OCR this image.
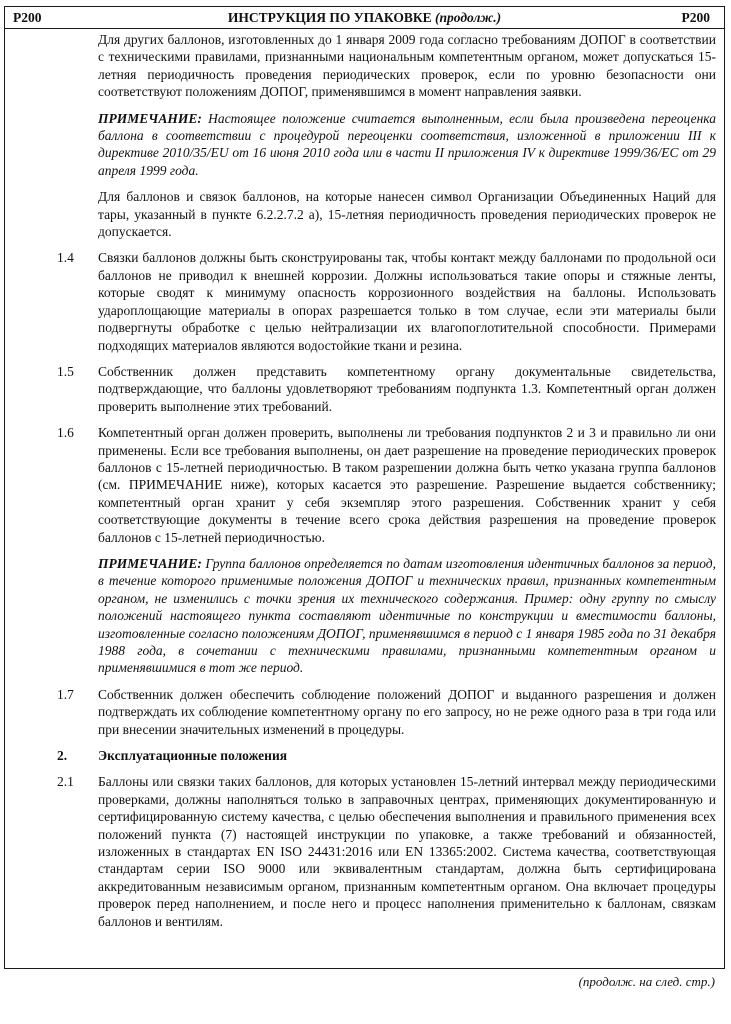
P200	ИНСТРУКЦИЯ ПО УПАКОВКЕ (продолж.)	P200
Для других баллонов, изготовленных до 1 января 2009 года согласно требованиям ДОПОГ в соответствии с техническими правилами, признанными национальным компетентным органом, может допускаться 15-летняя периодичность проведения периодических проверок, если по уровню безопасности они соответствуют положениям ДОПОГ, применявшимся в момент направления заявки.
ПРИМЕЧАНИЕ: Настоящее положение считается выполненным, если была произведена переоценка баллона в соответствии с процедурой переоценки соответствия, изложенной в приложении III к директиве 2010/35/EU от 16 июня 2010 года или в части II приложения IV к директиве 1999/36/EC от 29 апреля 1999 года.
Для баллонов и связок баллонов, на которые нанесен символ Организации Объединенных Наций для тары, указанный в пункте 6.2.2.7.2 а), 15-летняя периодичность проведения периодических проверок не допускается.
1.4 Связки баллонов должны быть сконструированы так, чтобы контакт между баллонами по продольной оси баллонов не приводил к внешней коррозии. Должны использоваться такие опоры и стяжные ленты, которые сводят к минимуму опасность коррозионного воздействия на баллоны. Использовать удароплощающие материалы в опорах разрешается только в том случае, если эти материалы были подвергнуты обработке с целью нейтрализации их влагопоглотительной способности. Примерами подходящих материалов являются водостойкие ткани и резина.
1.5 Собственник должен представить компетентному органу документальные свидетельства, подтверждающие, что баллоны удовлетворяют требованиям подпункта 1.3. Компетентный орган должен проверить выполнение этих требований.
1.6 Компетентный орган должен проверить, выполнены ли требования подпунктов 2 и 3 и правильно ли они применены. Если все требования выполнены, он дает разрешение на проведение периодических проверок баллонов с 15-летней периодичностью. В таком разрешении должна быть четко указана группа баллонов (см. ПРИМЕЧАНИЕ ниже), которых касается это разрешение. Разрешение выдается собственнику; компетентный орган хранит у себя экземпляр этого разрешения. Собственник хранит у себя соответствующие документы в течение всего срока действия разрешения на проведение проверок баллонов с 15-летней периодичностью.
ПРИМЕЧАНИЕ: Группа баллонов определяется по датам изготовления идентичных баллонов за период, в течение которого применимые положения ДОПОГ и технических правил, признанных компетентным органом, не изменились с точки зрения их технического содержания. Пример: одну группу по смыслу положений настоящего пункта составляют идентичные по конструкции и вместимости баллоны, изготовленные согласно положениям ДОПОГ, применявшимся в период с 1 января 1985 года по 31 декабря 1988 года, в сочетании с техническими правилами, признанными компетентным органом и применявшимися в тот же период.
1.7 Собственник должен обеспечить соблюдение положений ДОПОГ и выданного разрешения и должен подтверждать их соблюдение компетентному органу по его запросу, но не реже одного раза в три года или при внесении значительных изменений в процедуры.
2. Эксплуатационные положения
2.1 Баллоны или связки таких баллонов, для которых установлен 15-летний интервал между периодическими проверками, должны наполняться только в заправочных центрах, применяющих документированную и сертифицированную систему качества, с целью обеспечения выполнения и правильного применения всех положений пункта (7) настоящей инструкции по упаковке, а также требований и обязанностей, изложенных в стандартах EN ISO 24431:2016 или EN 13365:2002. Система качества, соответствующая стандартам серии ISO 9000 или эквивалентным стандартам, должна быть сертифицирована аккредитованным независимым органом, признанным компетентным органом. Она включает процедуры проверок перед наполнением, и после него и процесс наполнения применительно к баллонам, связкам баллонов и вентилям.
(продолж. на след. стр.)
